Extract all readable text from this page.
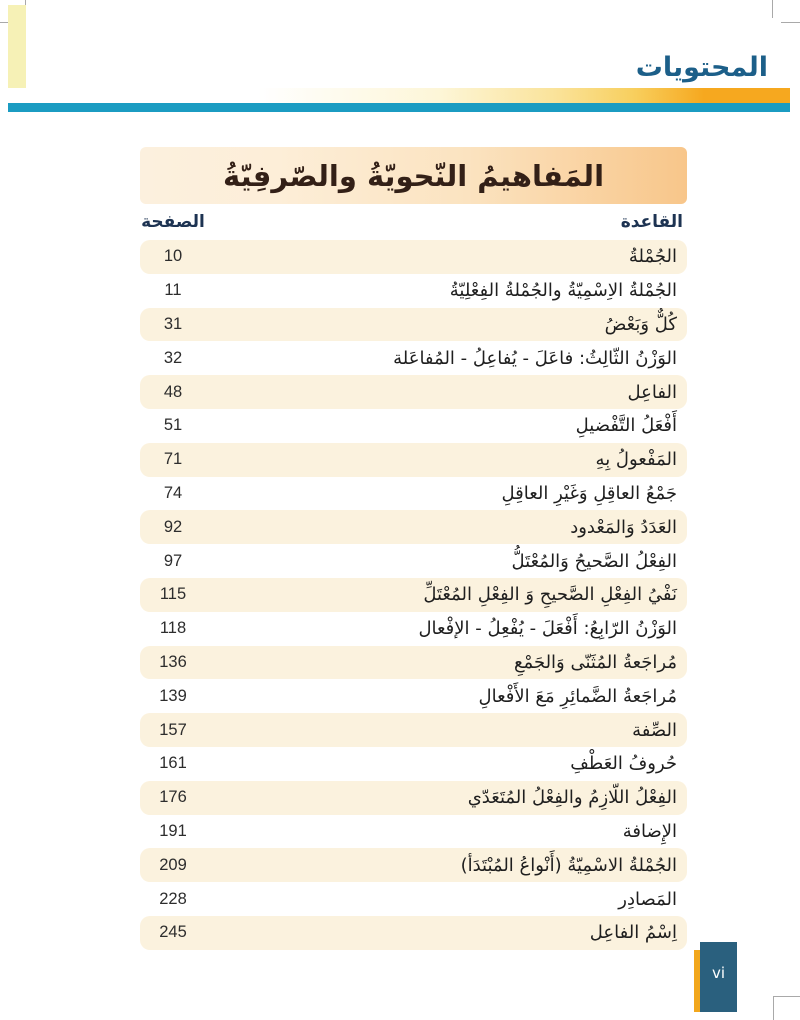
المحتويات
المَفاهيمُ النّحويّةُ والصّرفِيّةُ
القاعدة
الصفحة
الجُمْلةُ
10
الجُمْلةُ الاِسْمِيّةُ والجُمْلةُ الفِعْلِيّةُ
11
كُلٌّ وَبَعْضُ
31
الوَزْنُ الثّالِثُ: فاعَلَ - يُفاعِلُ - المُفاعَلة
32
الفاعِل
48
أَفْعَلُ التَّفْضيلِ
51
المَفْعولُ بِهِ
71
جَمْعُ العاقِلِ وَغَيْرِ العاقِلِ
74
العَدَدُ وَالمَعْدود
92
الفِعْلُ الصَّحيحُ وَالمُعْتَلُّ
97
نَفْيُ الفِعْلِ الصَّحيحِ وَ الفِعْلِ المُعْتَلِّ
115
الوَزْنُ الرّابِعُ: أَفْعَلَ - يُفْعِلُ - الإفْعال
118
مُراجَعةُ المُثَنّى وَالجَمْعِ
136
مُراجَعةُ الضَّمائِرِ مَعَ الأَفْعالِ
139
الصِّفة
157
حُروفُ العَطْفِ
161
الفِعْلُ اللّازِمُ والفِعْلُ المُتَعَدّي
176
الإِضافة
191
الجُمْلةُ الاسْمِيّةُ (أَنْواعُ المُبْتَدَأ)
209
المَصادِر
228
اِسْمُ الفاعِل
245
vi
